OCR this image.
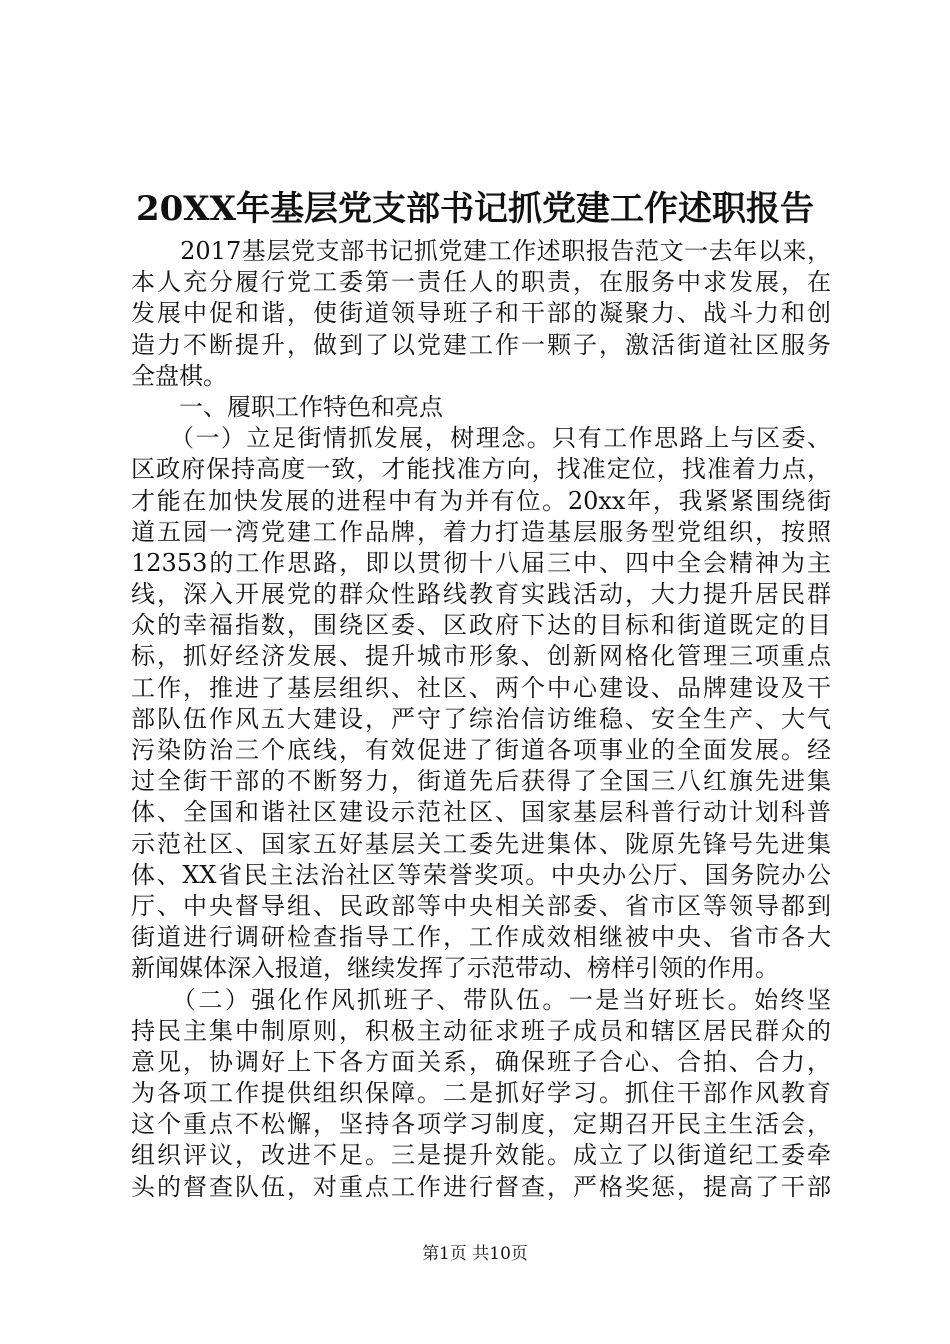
20XX年基层党支部书记抓党建工作述职报告
　　2017基层党支部书记抓党建工作述职报告范文一去年以来，
本人充分履行党工委第一责任人的职责，在服务中求发展，在
发展中促和谐，使街道领导班子和干部的凝聚力、战斗力和创
造力不断提升，做到了以党建工作一颗子，激活街道社区服务
全盘棋。
　　一、履职工作特色和亮点
　　（一）立足街情抓发展，树理念。只有工作思路上与区委、
区政府保持高度一致，才能找准方向，找准定位，找准着力点，
才能在加快发展的进程中有为并有位。20xx年，我紧紧围绕街
道五园一湾党建工作品牌，着力打造基层服务型党组织，按照
12353的工作思路，即以贯彻十八届三中、四中全会精神为主
线，深入开展党的群众性路线教育实践活动，大力提升居民群
众的幸福指数，围绕区委、区政府下达的目标和街道既定的目
标，抓好经济发展、提升城市形象、创新网格化管理三项重点
工作，推进了基层组织、社区、两个中心建设、品牌建设及干
部队伍作风五大建设，严守了综治信访维稳、安全生产、大气
污染防治三个底线，有效促进了街道各项事业的全面发展。经
过全街干部的不断努力，街道先后获得了全国三八红旗先进集
体、全国和谐社区建设示范社区、国家基层科普行动计划科普
示范社区、国家五好基层关工委先进集体、陇原先锋号先进集
体、XX省民主法治社区等荣誉奖项。中央办公厅、国务院办公
厅、中央督导组、民政部等中央相关部委、省市区等领导都到
街道进行调研检查指导工作，工作成效相继被中央、省市各大
新闻媒体深入报道，继续发挥了示范带动、榜样引领的作用。
　　（二）强化作风抓班子、带队伍。一是当好班长。始终坚
持民主集中制原则，积极主动征求班子成员和辖区居民群众的
意见，协调好上下各方面关系，确保班子合心、合拍、合力，
为各项工作提供组织保障。二是抓好学习。抓住干部作风教育
这个重点不松懈，坚持各项学习制度，定期召开民主生活会，
组织评议，改进不足。三是提升效能。成立了以街道纪工委牵
头的督查队伍，对重点工作进行督查，严格奖惩，提高了干部
第1页 共10页
